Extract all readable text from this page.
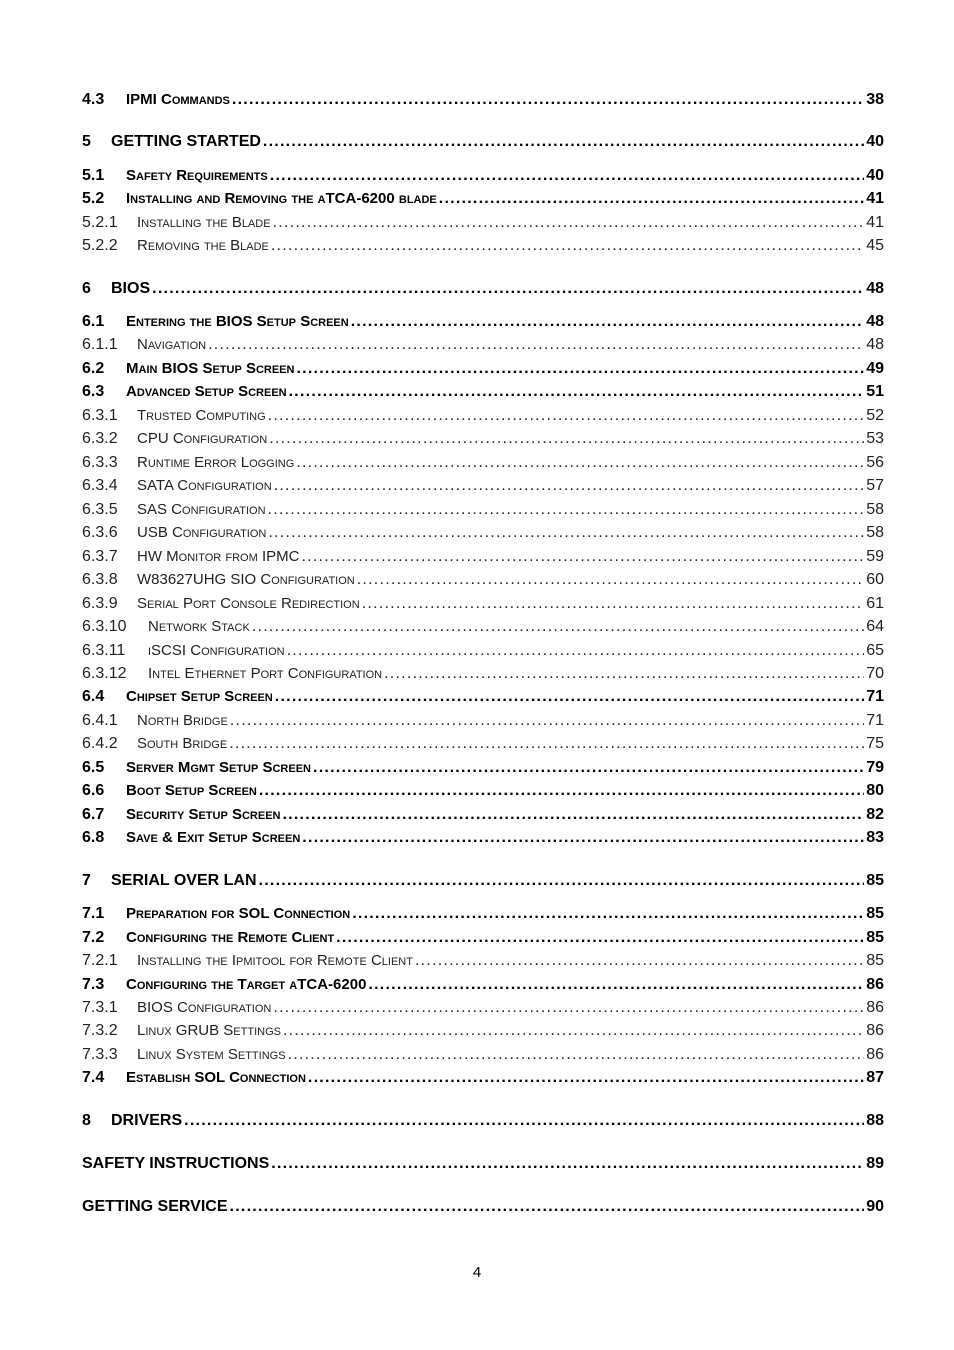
4.3	IPMI Commands . . .	38
5	GETTING STARTED . . .	40
5.1	Safety Requirements . . .	40
5.2	Installing and Removing the aTCA-6200 blade . . .	41
5.2.1	Installing the Blade . . .	41
5.2.2	Removing the Blade . . .	45
6	BIOS . . .	48
6.1	Entering the BIOS Setup Screen . . .	48
6.1.1	Navigation . . .	48
6.2	Main BIOS Setup Screen . . .	49
6.3	Advanced Setup Screen . . .	51
6.3.1	Trusted Computing . . .	52
6.3.2	CPU Configuration . . .	53
6.3.3	Runtime Error Logging . . .	56
6.3.4	SATA Configuration . . .	57
6.3.5	SAS Configuration . . .	58
6.3.6	USB Configuration . . .	58
6.3.7	HW Monitor from IPMC . . .	59
6.3.8	W83627UHG SIO Configuration . . .	60
6.3.9	Serial Port Console Redirection . . .	61
6.3.10	Network Stack . . .	64
6.3.11	iSCSI Configuration . . .	65
6.3.12	Intel Ethernet Port Configuration . . .	70
6.4	Chipset Setup Screen . . .	71
6.4.1	North Bridge . . .	71
6.4.2	South Bridge . . .	75
6.5	Server Mgmt Setup Screen . . .	79
6.6	Boot Setup Screen . . .	80
6.7	Security Setup Screen . . .	82
6.8	Save & Exit Setup Screen . . .	83
7	SERIAL OVER LAN . . .	85
7.1	Preparation for SOL Connection . . .	85
7.2	Configuring the Remote Client . . .	85
7.2.1	Installing the Ipmitool for Remote Client . . .	85
7.3	Configuring the Target aTCA-6200 . . .	86
7.3.1	BIOS Configuration . . .	86
7.3.2	Linux GRUB Settings . . .	86
7.3.3	Linux System Settings . . .	86
7.4	Establish SOL Connection . . .	87
8	DRIVERS . . .	88
SAFETY INSTRUCTIONS . . .	89
GETTING SERVICE . . .	90
4
